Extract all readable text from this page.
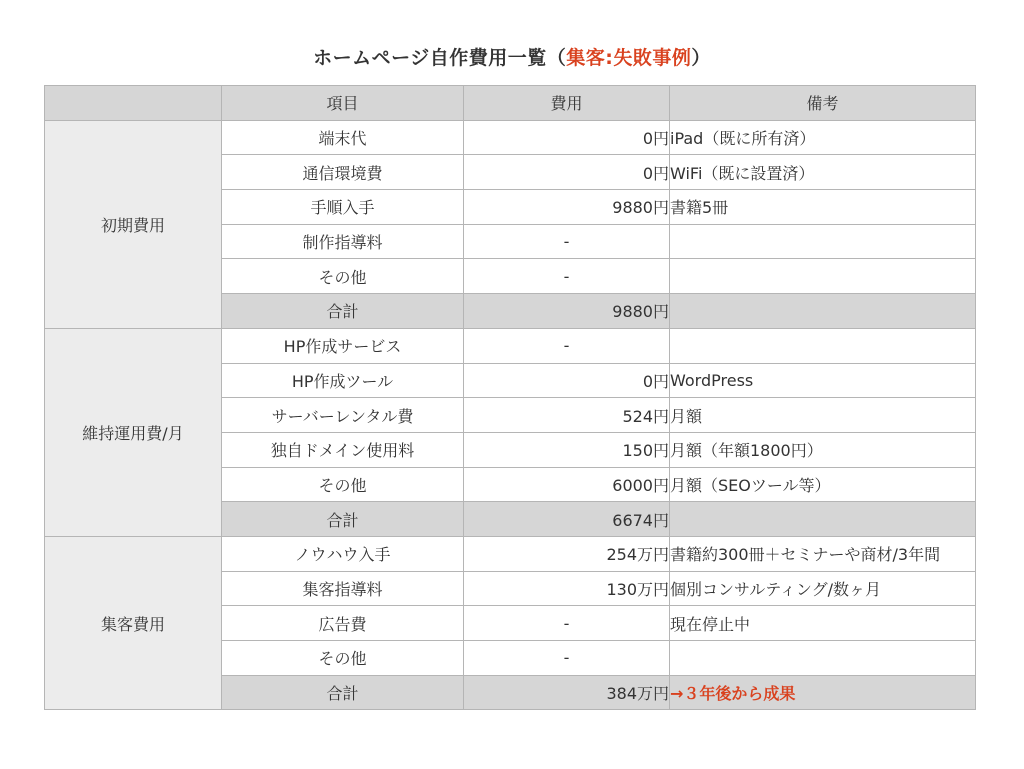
ホームページ自作費用一覧（集客:失敗事例）
	項目	費用	備考
初期費用	端末代	0円	iPad（既に所有済）
	通信環境費	0円	WiFi（既に設置済）
	手順入手	9880円	書籍5冊
	制作指導料	-	
	その他	-	
	合計	9880円	
維持運用費/月	HP作成サービス	-	
	HP作成ツール	0円	WordPress
	サーバーレンタル費	524円	月額
	独自ドメイン使用料	150円	月額（年額1800円）
	その他	6000円	月額（SEOツール等）
	合計	6674円	
集客費用	ノウハウ入手	254万円	書籍約300冊＋セミナーや商材/3年間
	集客指導料	130万円	個別コンサルティング/数ヶ月
	広告費	-	現在停止中
	その他	-	
	合計	384万円	→３年後から成果
